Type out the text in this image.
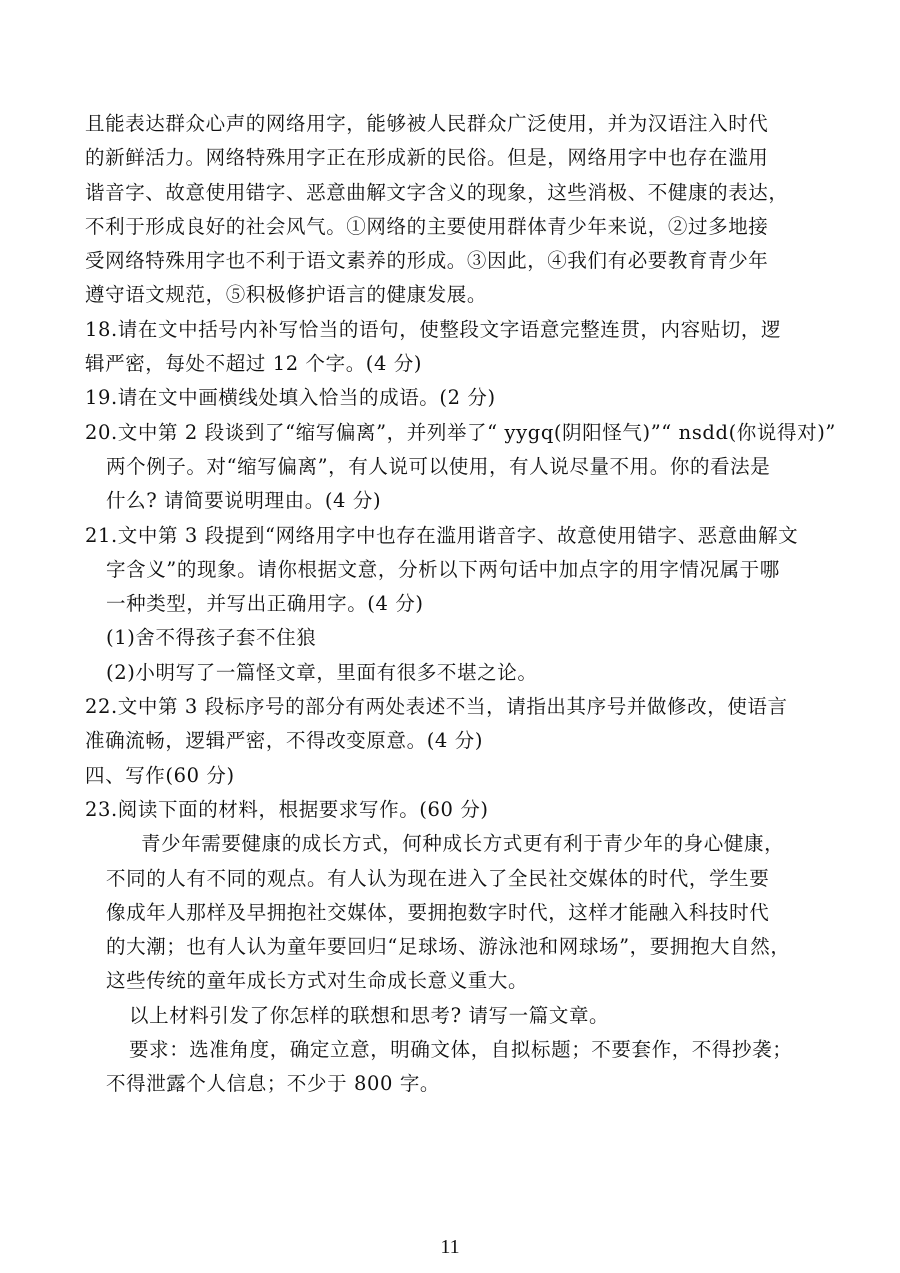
且能表达群众心声的网络用字，能够被人民群众广泛使用，并为汉语注入时代
的新鲜活力。网络特殊用字正在形成新的民俗。但是，网络用字中也存在滥用
谐音字、故意使用错字、恶意曲解文字含义的现象，这些消极、不健康的表达，
不利于形成良好的社会风气。①网络的主要使用群体青少年来说，②过多地接
受网络特殊用字也不利于语文素养的形成。③因此，④我们有必要教育青少年
遵守语文规范，⑤积极修护语言的健康发展。
18.请在文中括号内补写恰当的语句，使整段文字语意完整连贯，内容贴切，逻
辑严密，每处不超过 12 个字。(4 分)
19.请在文中画横线处填入恰当的成语。(2 分)
20.文中第 2 段谈到了“缩写偏离”，并列举了“ yygq(阴阳怪气)”“ nsdd(你说得对)”
两个例子。对“缩写偏离”，有人说可以使用，有人说尽量不用。你的看法是
什么? 请简要说明理由。(4 分)
21.文中第 3 段提到“网络用字中也存在滥用谐音字、故意使用错字、恶意曲解文
字含义”的现象。请你根据文意，分析以下两句话中加点字的用字情况属于哪
一种类型，并写出正确用字。(4 分)
(1)舍不得孩子套不住狼
(2)小明写了一篇怪文章，里面有很多不堪之论。
22.文中第 3 段标序号的部分有两处表述不当，请指出其序号并做修改，使语言
准确流畅，逻辑严密，不得改变原意。(4 分)
四、写作(60 分)
23.阅读下面的材料，根据要求写作。(60 分)
青少年需要健康的成长方式，何种成长方式更有利于青少年的身心健康，
不同的人有不同的观点。有人认为现在进入了全民社交媒体的时代，学生要
像成年人那样及早拥抱社交媒体，要拥抱数字时代，这样才能融入科技时代
的大潮；也有人认为童年要回归“足球场、游泳池和网球场”，要拥抱大自然，
这些传统的童年成长方式对生命成长意义重大。
以上材料引发了你怎样的联想和思考? 请写一篇文章。
要求：选准角度，确定立意，明确文体，自拟标题；不要套作，不得抄袭；
不得泄露个人信息；不少于 800 字。
11
